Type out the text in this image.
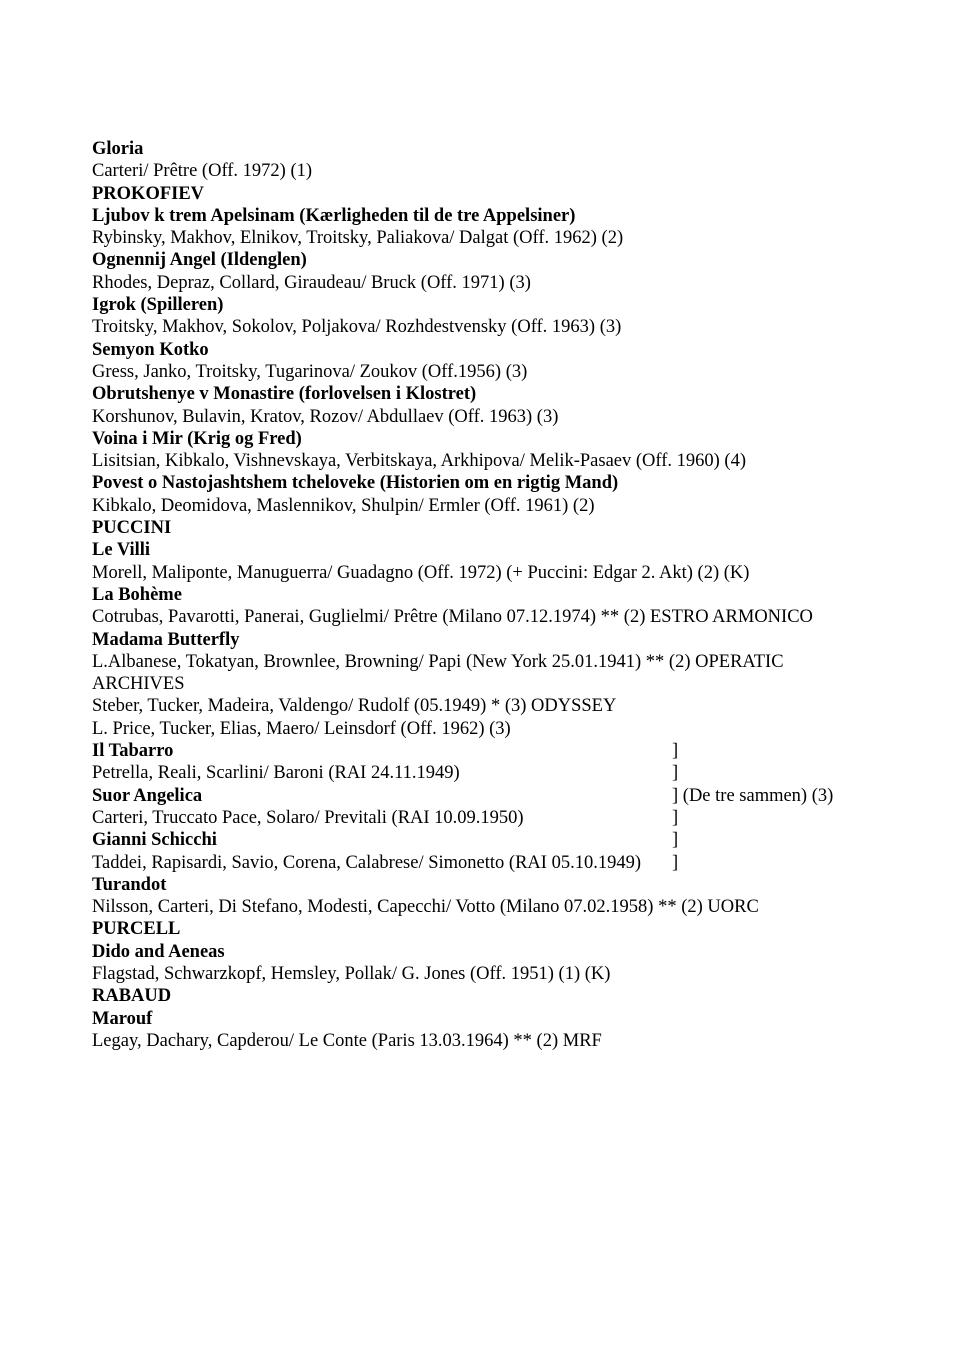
Gloria
Carteri/ Prêtre (Off. 1972) (1)
PROKOFIEV
Ljubov k trem Apelsinam (Kærligheden til de tre Appelsiner)
Rybinsky, Makhov, Elnikov, Troitsky, Paliakova/ Dalgat (Off. 1962) (2)
Ognennij Angel (Ildenglen)
Rhodes, Depraz, Collard, Giraudeau/ Bruck (Off. 1971) (3)
Igrok (Spilleren)
Troitsky, Makhov, Sokolov, Poljakova/ Rozhdestvensky (Off. 1963) (3)
Semyon Kotko
Gress, Janko, Troitsky, Tugarinova/ Zoukov (Off.1956) (3)
Obrutshenye v Monastire (forlovelsen i Klostret)
Korshunov, Bulavin, Kratov, Rozov/ Abdullaev (Off. 1963) (3)
Voina i Mir (Krig og Fred)
Lisitsian, Kibkalo, Vishnevskaya, Verbitskaya, Arkhipova/ Melik-Pasaev (Off. 1960) (4)
Povest o Nastojashtshem tcheloveke (Historien om en rigtig Mand)
Kibkalo, Deomidova, Maslennikov, Shulpin/ Ermler (Off. 1961) (2)
PUCCINI
Le Villi
Morell, Maliponte, Manuguerra/ Guadagno (Off. 1972) (+ Puccini: Edgar 2. Akt) (2) (K)
La Bohème
Cotrubas, Pavarotti, Panerai, Guglielmi/ Prêtre (Milano 07.12.1974) ** (2) ESTRO ARMONICO
Madama Butterfly
L.Albanese, Tokatyan, Brownlee, Browning/ Papi (New York 25.01.1941) ** (2) OPERATIC
ARCHIVES
Steber, Tucker, Madeira, Valdengo/ Rudolf (05.1949) * (3) ODYSSEY
L. Price, Tucker, Elias, Maero/ Leinsdorf (Off. 1962) (3)
Il Tabarro	]
Petrella, Reali, Scarlini/ Baroni (RAI 24.11.1949)	]
Suor Angelica	] (De tre sammen) (3)
Carteri, Truccato Pace, Solaro/ Previtali (RAI 10.09.1950)	]
Gianni Schicchi	]
Taddei, Rapisardi, Savio, Corena, Calabrese/ Simonetto (RAI 05.10.1949) ]
Turandot
Nilsson, Carteri, Di Stefano, Modesti, Capecchi/ Votto (Milano 07.02.1958) ** (2) UORC
PURCELL
Dido and Aeneas
Flagstad, Schwarzkopf, Hemsley, Pollak/ G. Jones (Off. 1951) (1) (K)
RABAUD
Marouf
Legay, Dachary, Capderou/ Le Conte (Paris 13.03.1964) ** (2) MRF
